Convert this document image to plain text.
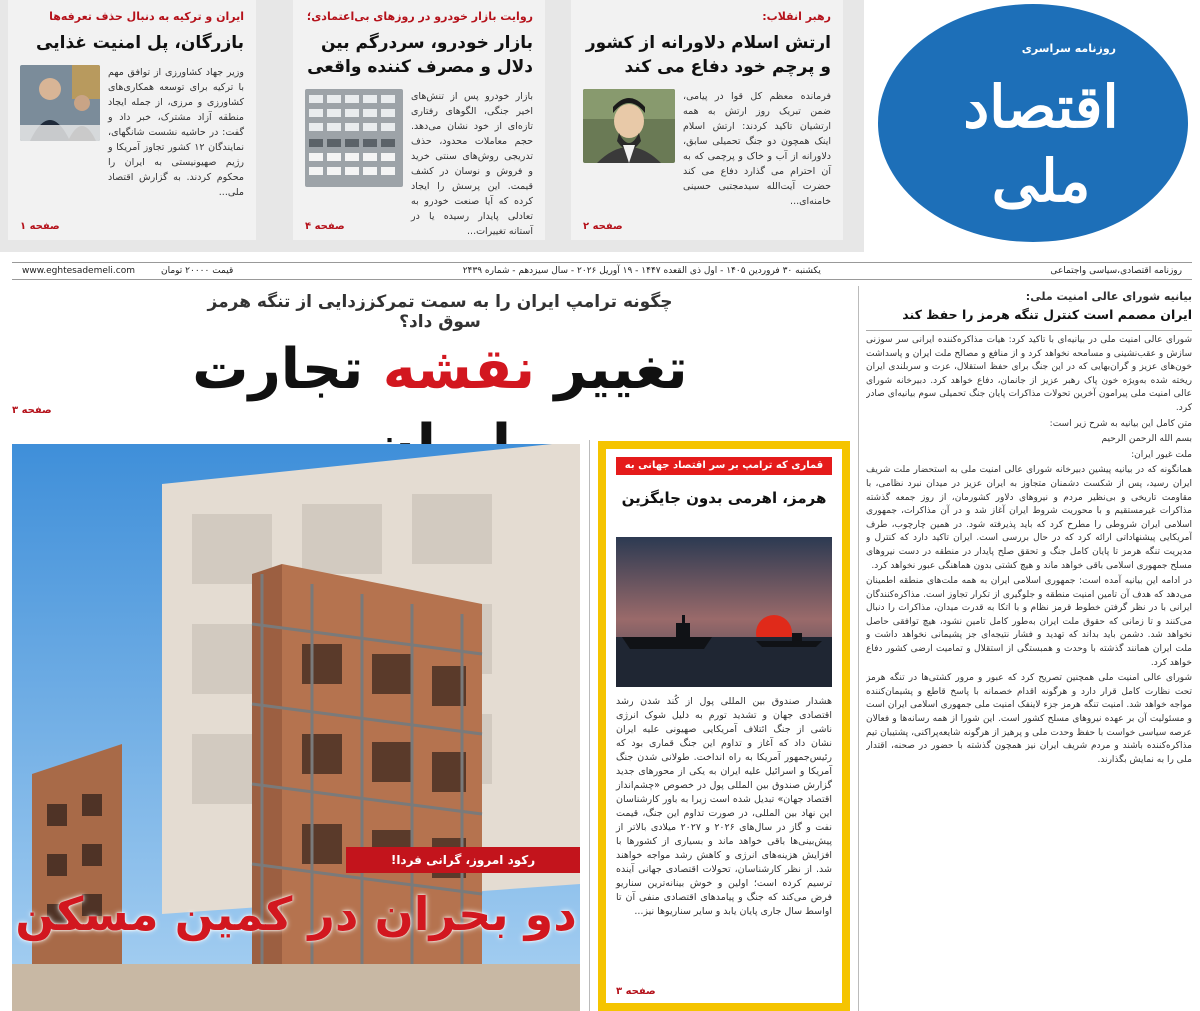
رهبر انقلاب:
ارتش اسلام دلاورانه از کشور و پرچم خود دفاع می کند
فرمانده معظم کل قوا در پیامی، ضمن تبریک روز ارتش به همه ارتشیان تاکید کردند: ارتش اسلام اینک همچون دو جنگ تحمیلی سابق، دلاورانه از آب و خاک و پرچمی که به آن احترام می گذارد دفاع می کند حضرت آیت‌الله سیدمجتبی حسینی خامنه‌ای...
صفحه ۲
روایت بازار خودرو در روزهای بی‌اعتمادی؛
بازار خودرو، سردرگم بین دلال و مصرف کننده واقعی
بازار خودرو پس از تنش‌های اخیر جنگی، الگوهای رفتاری تازه‌ای از خود نشان می‌دهد. حجم معاملات محدود، حذف تدریجی روش‌های سنتی خرید و فروش و نوسان در کشف قیمت. این پرسش را ایجاد کرده که آیا صنعت خودرو به تعادلی پایدار رسیده یا در آستانه تغییرات...
صفحه ۴
ایران و ترکیه به دنبال حذف تعرفه‌ها
بازرگان، پل امنیت غذایی
وزیر جهاد کشاورزی از توافق مهم با ترکیه برای توسعه همکاری‌های کشاورزی و مرزی، از جمله ایجاد منطقه آزاد مشترک، خبر داد و گفت: در حاشیه نشست شانگهای، نمایندگان ۱۲ کشور تجاوز آمریکا و رژیم صهیونیستی به ایران را محکوم کردند. به گزارش اقتصاد ملی...
صفحه ۱
روزنامه سراسری
اقتصاد ملی
روزنامه اقتصادی،سیاسی واجتماعی
یکشنبه ۳۰ فروردین ۱۴۰۵ - اول ذی القعده ۱۴۴۷ - ۱۹ آوریل ۲۰۲۶ - سال سیزدهم - شماره ۲۴۳۹
قیمت ۲۰۰۰۰ تومان
www.eghtesademeli.com
چگونه ترامپ ایران را به سمت تمرکززدایی از تنگه هرمز سوق داد؟
تغییر نقشه تجارت
صفحه ۳
رکود امروز، گرانی فردا!
دو بحران در کمین مسکن
قماری که ترامپ بر سر اقتصاد جهانی به راه انداخت
هرمز، اهرمی بدون جایگزین
هشدار صندوق بین المللی پول از کُند شدن رشد اقتصادی جهان و تشدید تورم به دلیل شوک انرژی ناشی از جنگ ائتلاف آمریکایی صهیونی علیه ایران نشان داد که آغاز و تداوم این جنگ قماری بود که رئیس‌جمهور آمریکا به راه انداخت. طولانی شدن جنگ آمریکا و اسرائیل علیه ایران به یکی از محورهای جدید گزارش صندوق بین المللی پول در خصوص «چشم‌انداز اقتصاد جهان» تبدیل شده است زیرا به باور کارشناسان این نهاد بین المللی، در صورت تداوم این جنگ، قیمت نفت و گاز در سال‌های ۲۰۲۶ و ۲۰۲۷ میلادی بالاتر از پیش‌بینی‌ها باقی خواهد ماند و بسیاری از کشورها با افزایش هزینه‌های انرژی و کاهش رشد مواجه خواهند شد. از نظر کارشناسان، تحولات اقتصادی جهانی آینده ترسیم کرده است؛ اولین و خوش بینانه‌ترین سناریو فرض می‌کند که جنگ و پیامدهای اقتصادی منفی آن تا اواسط سال جاری پایان یابد و سایر سناریوها نیز...
صفحه ۳
بیانیه شورای عالی امنیت ملی:
ایران مصمم است کنترل تنگه هرمز را حفظ کند

شورای عالی امنیت ملی در بیانیه‌ای با تاکید کرد: هیات مذاکره‌کننده ایرانی سر سوزنی سازش و عقب‌نشینی و مسامحه نخواهد کرد و از منافع و مصالح ملت ایران و پاسداشت خون‌های عزیز و گران‌بهایی که در این جنگ برای حفظ استقلال، عزت و سربلندی ایران ریخته شده به‌ویژه خون پاک رهبر عزیز از جانمان، دفاع خواهد کرد. دبیرخانه شورای عالی امنیت ملی پیرامون آخرین تحولات مذاکرات پایان جنگ تحمیلی سوم بیانیه‌ای صادر کرد.

متن کامل این بیانیه به شرح زیر است:

بسم الله الرحمن الرحیم

ملت غیور ایران:

همانگونه که در بیانیه پیشین دبیرخانه شورای عالی امنیت ملی به استحضار ملت شریف ایران رسید، پس از شکست دشمنان متجاوز به ایران عزیز در میدان نبرد نظامی، با مقاومت تاریخی و بی‌نظیر مردم و نیروهای دلاور کشورمان، از روز جمعه گذشته مذاکرات غیرمستقیم و با محوریت شروط ایران آغاز شد و در آن مذاکرات، جمهوری اسلامی ایران شروطی را مطرح کرد که باید پذیرفته شود. در همین چارچوب، طرف آمریکایی پیشنهاداتی ارائه کرد که در حال بررسی است. ایران تاکید دارد که کنترل و مدیریت تنگه هرمز تا پایان کامل جنگ و تحقق صلح پایدار در منطقه در دست نیروهای مسلح جمهوری اسلامی باقی خواهد ماند و هیچ کشتی بدون هماهنگی عبور نخواهد کرد.

در ادامه این بیانیه آمده است: جمهوری اسلامی ایران به همه ملت‌های منطقه اطمینان می‌دهد که هدف آن تامین امنیت منطقه و جلوگیری از تکرار تجاوز است. مذاکره‌کنندگان ایرانی با در نظر گرفتن خطوط قرمز نظام و با اتکا به قدرت میدان، مذاکرات را دنبال می‌کنند و تا زمانی که حقوق ملت ایران به‌طور کامل تامین نشود، هیچ توافقی حاصل نخواهد شد. دشمن باید بداند که تهدید و فشار نتیجه‌ای جز پشیمانی نخواهد داشت و ملت ایران همانند گذشته با وحدت و همبستگی از استقلال و تمامیت ارضی کشور دفاع خواهد کرد.

شورای عالی امنیت ملی همچنین تصریح کرد که عبور و مرور کشتی‌ها در تنگه هرمز تحت نظارت کامل قرار دارد و هرگونه اقدام خصمانه با پاسخ قاطع و پشیمان‌کننده مواجه خواهد شد. امنیت تنگه هرمز جزء لاینفک امنیت ملی جمهوری اسلامی ایران است و مسئولیت آن بر عهده نیروهای مسلح کشور است. این شورا از همه رسانه‌ها و فعالان عرصه سیاسی خواست با حفظ وحدت ملی و پرهیز از هرگونه شایعه‌پراکنی، پشتیبان تیم مذاکره‌کننده باشند و مردم شریف ایران نیز همچون گذشته با حضور در صحنه، اقتدار ملی را به نمایش بگذارند.
